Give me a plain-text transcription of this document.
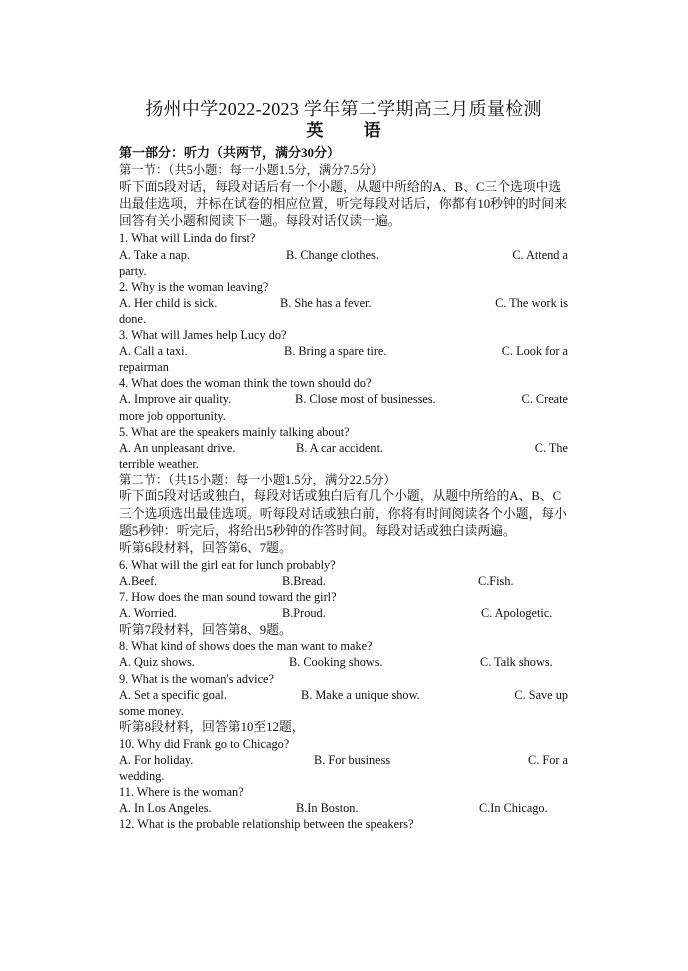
扬州中学2022-2023 学年第二学期高三月质量检测
英 语
第一部分：听力（共两节，满分30分）
第一节：（共5小题：每一小题1.5分，满分7.5分）
听下面5段对话，每段对话后有一个小题，从题中所给的A、B、C三个选项中选出最佳选项，并标在试卷的相应位置，听完每段对话后，你都有10秒钟的时间来回答有关小题和阅读下一题。每段对话仅读一遍。
1. What will Linda do first?
A. Take a nap.	B. Change clothes.	C. Attend a
party.
2. Why is the woman leaving?
A. Her child is sick.	B. She has a fever.	C. The work is
done.
3. What will James help Lucy do?
A. Call a taxi.	B. Bring a spare tire.	C. Look for a
repairman
4. What does the woman think the town should do?
A. Improve air quality.	B. Close most of businesses.	C. Create
more job opportunity.
5. What are the speakers mainly talking about?
A. An unpleasant drive.	B. A car accident.	C. The
terrible weather.
第二节：（共15小题：每一小题1.5分，满分22.5分）
听下面5段对话或独白，每段对话或独白后有几个小题，从题中所给的A、B、C三个选项选出最佳选项。听每段对话或独白前，你将有时间阅读各个小题，每小题5秒钟：听完后，将给出5秒钟的作答时间。每段对话或独白读两遍。
听第6段材料，回答第6、7题。
6. What will the girl eat for lunch probably?
A.Beef.	B.Bread.	C.Fish.
7. How does the man sound toward the girl?
A. Worried.	B.Proud.	C. Apologetic.
听第7段材料，回答第8、9题。
8. What kind of shows does the man want to make?
A. Quiz shows.	B. Cooking shows.	C. Talk shows.
9. What is the woman's advice?
A. Set a specific goal.	B. Make a unique show.	C. Save up
some money.
听第8段材料，回答第10至12题，
10. Why did Frank go to Chicago?
A. For holiday.	B. For business	C. For a
wedding.
11. Where is the woman?
A. In Los Angeles.	B.In Boston.	C.In Chicago.
12. What is the probable relationship between the speakers?
